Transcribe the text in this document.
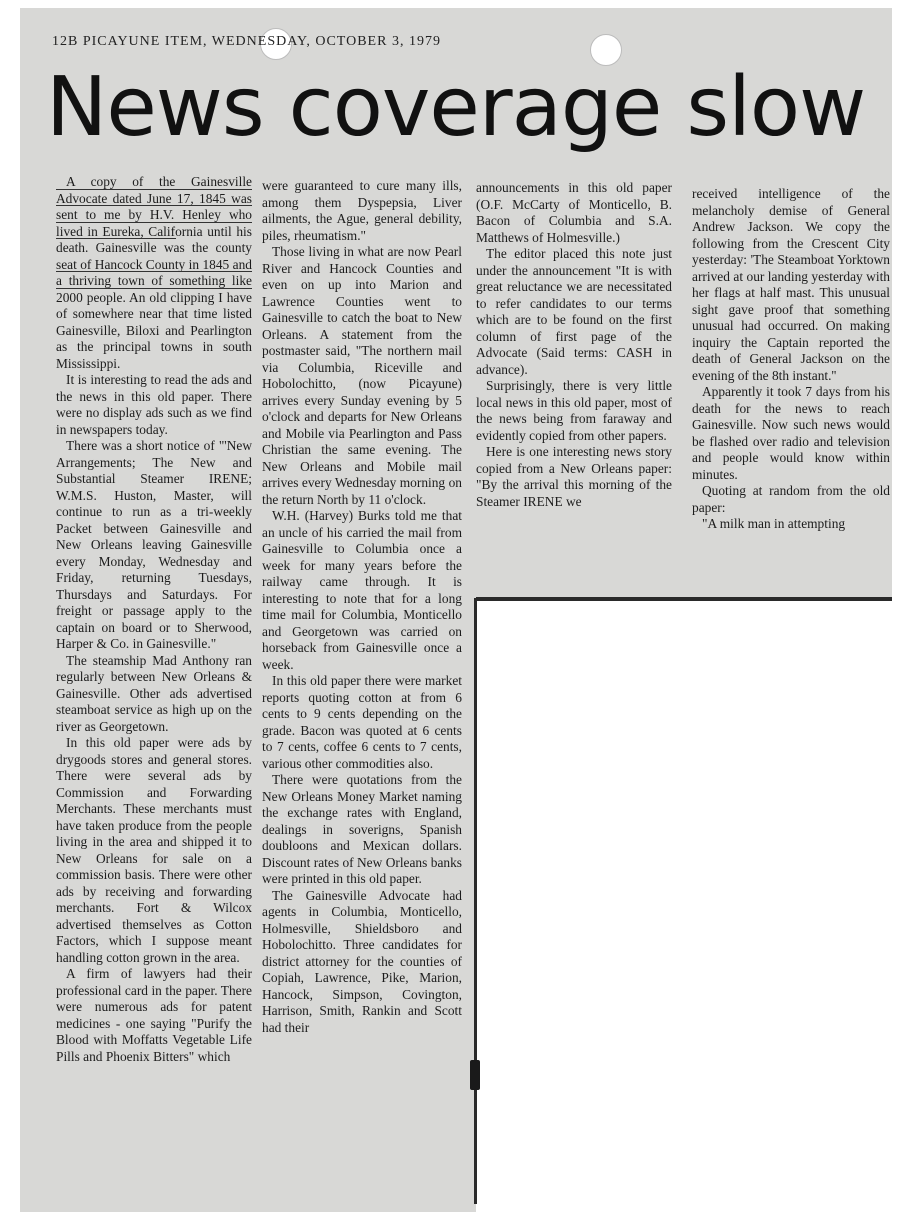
12B PICAYUNE ITEM, WEDNESDAY, OCTOBER 3, 1979
News coverage slow

A copy of the Gainesville Advocate dated June 17, 1845 was sent to me by H.V. Henley who lived in Eureka, California until his death. Gainesville was the county seat of Hancock County in 1845 and a thriving town of something like 2000 people. An old clipping I have of somewhere near that time listed Gainesville, Biloxi and Pearlington as the principal towns in south Mississippi.

It is interesting to read the ads and the news in this old paper. There were no display ads such as we find in newspapers today.

There was a short notice of "'New Arrangements; The New and Substantial Steamer IRENE; W.M.S. Huston, Master, will continue to run as a tri-weekly Packet between Gainesville and New Orleans leaving Gainesville every Monday, Wednesday and Friday, returning Tuesdays, Thursdays and Saturdays. For freight or passage apply to the captain on board or to Sherwood, Harper & Co. in Gainesville."

The steamship Mad Anthony ran regularly between New Orleans & Gainesville. Other ads advertised steamboat service as high up on the river as Georgetown.

In this old paper were ads by drygoods stores and general stores. There were several ads by Commission and Forwarding Merchants. These merchants must have taken produce from the people living in the area and shipped it to New Orleans for sale on a commission basis. There were other ads by receiving and forwarding merchants. Fort & Wilcox advertised themselves as Cotton Factors, which I suppose meant handling cotton grown in the area.

A firm of lawyers had their professional card in the paper. There were numerous ads for patent medicines - one saying "Purify the Blood with Moffatts Vegetable Life Pills and Phoenix Bitters" which

were guaranteed to cure many ills, among them Dyspepsia, Liver ailments, the Ague, general debility, piles, rheumatism."

Those living in what are now Pearl River and Hancock Counties and even on up into Marion and Lawrence Counties went to Gainesville to catch the boat to New Orleans. A statement from the postmaster said, "The northern mail via Columbia, Riceville and Hobolochitto, (now Picayune) arrives every Sunday evening by 5 o'clock and departs for New Orleans and Mobile via Pearlington and Pass Christian the same evening. The New Orleans and Mobile mail arrives every Wednesday morning on the return North by 11 o'clock.

W.H. (Harvey) Burks told me that an uncle of his carried the mail from Gainesville to Columbia once a week for many years before the railway came through. It is interesting to note that for a long time mail for Columbia, Monticello and Georgetown was carried on horseback from Gainesville once a week.

In this old paper there were market reports quoting cotton at from 6 cents to 9 cents depending on the grade. Bacon was quoted at 6 cents to 7 cents, coffee 6 cents to 7 cents, various other commodities also.

There were quotations from the New Orleans Money Market naming the exchange rates with England, dealings in soverigns, Spanish doubloons and Mexican dollars. Discount rates of New Orleans banks were printed in this old paper.

The Gainesville Advocate had agents in Columbia, Monticello, Holmesville, Shieldsboro and Hobolochitto. Three candidates for district attorney for the counties of Copiah, Lawrence, Pike, Marion, Hancock, Simpson, Covington, Harrison, Smith, Rankin and Scott had their

announcements in this old paper (O.F. McCarty of Monticello, B. Bacon of Columbia and S.A. Matthews of Holmesville.)

The editor placed this note just under the announcement "It is with great reluctance we are necessitated to refer candidates to our terms which are to be found on the first column of first page of the Advocate (Said terms: CASH in advance).

Surprisingly, there is very little local news in this old paper, most of the news being from faraway and evidently copied from other papers.

Here is one interesting news story copied from a New Orleans paper: "By the arrival this morning of the Steamer IRENE we

received intelligence of the melancholy demise of General Andrew Jackson. We copy the following from the Crescent City yesterday: 'The Steamboat Yorktown arrived at our landing yesterday with her flags at half mast. This unusual sight gave proof that something unusual had occurred. On making inquiry the Captain reported the death of General Jackson on the evening of the 8th instant.''

Apparently it took 7 days from his death for the news to reach Gainesville. Now such news would be flashed over radio and television and people would know within minutes.

Quoting at random from the old paper:

"A milk man in attempting
